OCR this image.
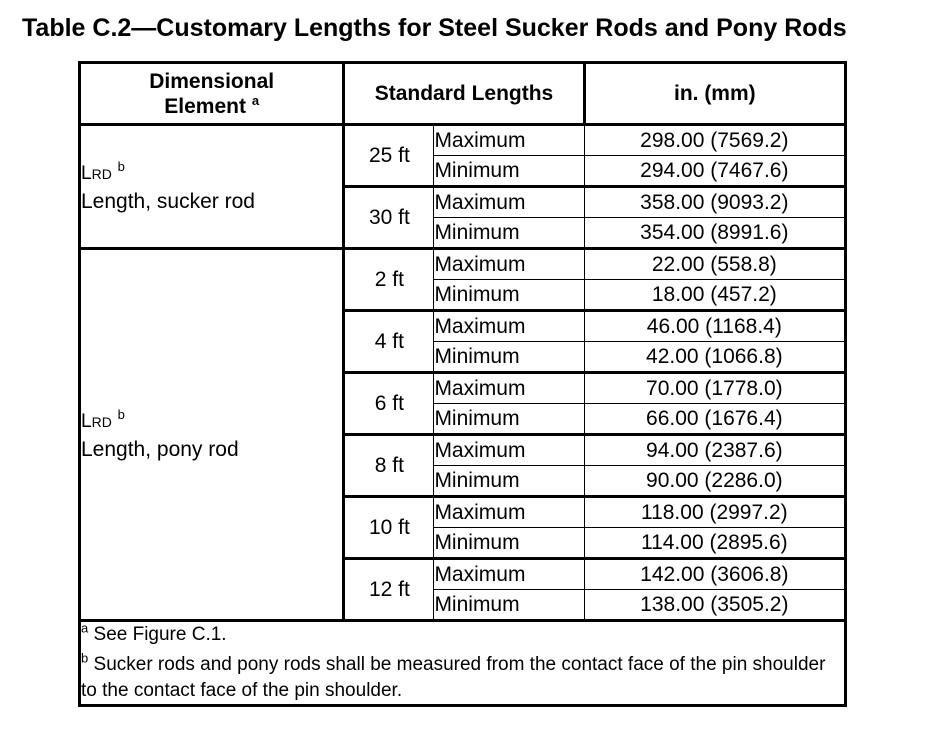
Table C.2—Customary Lengths for Steel Sucker Rods and Pony Rods
Dimensional
Element $^a$	Standard Lengths		in. (mm)
LRD $^b$
Length, sucker rod	25 ft	Maximum	298.00 (7569.2)
		Minimum	294.00 (7467.6)
	30 ft	Maximum	358.00 (9093.2)
		Minimum	354.00 (8991.6)
LRD $^b$
Length, pony rod	2 ft	Maximum	22.00 (558.8)
		Minimum	18.00 (457.2)
	4 ft	Maximum	46.00 (1168.4)
		Minimum	42.00 (1066.8)
	6 ft	Maximum	70.00 (1778.0)
		Minimum	66.00 (1676.4)
	8 ft	Maximum	94.00 (2387.6)
		Minimum	90.00 (2286.0)
	10 ft	Maximum	118.00 (2997.2)
		Minimum	114.00 (2895.6)
	12 ft	Maximum	142.00 (3606.8)
		Minimum	138.00 (3505.2)

$^a$ See Figure C.1.

$^b$ Sucker rods and pony rods shall be measured from the contact face of the pin shoulder to the contact face of the pin shoulder.			
